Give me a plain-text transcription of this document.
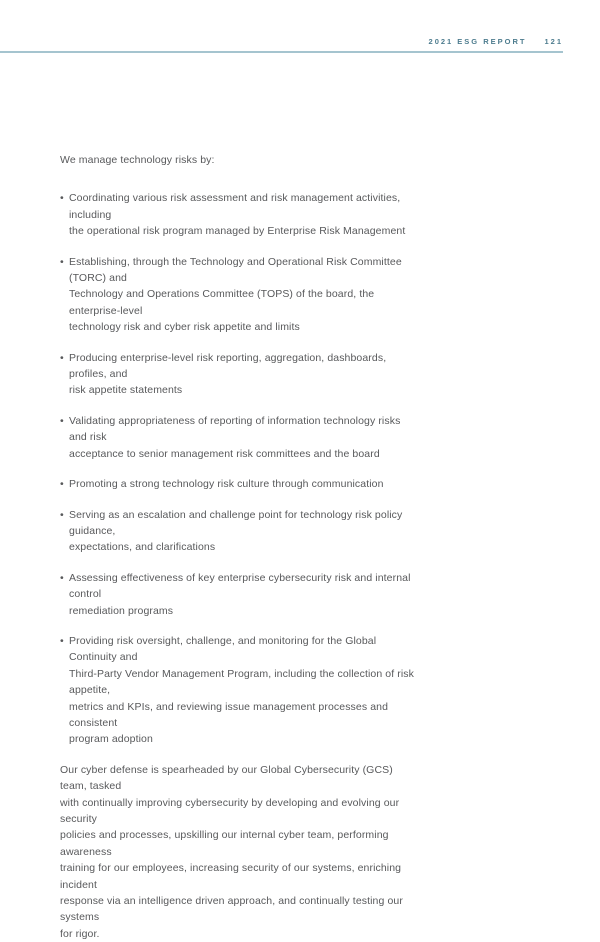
2021 ESG REPORT 121

We manage technology risks by:

• Coordinating various risk assessment and risk management activities, including
the operational risk program managed by Enterprise Risk Management
• Establishing, through the Technology and Operational Risk Committee (TORC) and
Technology and Operations Committee (TOPS) of the board, the enterprise-level
technology risk and cyber risk appetite and limits
• Producing enterprise-level risk reporting, aggregation, dashboards, profiles, and
risk appetite statements
• Validating appropriateness of reporting of information technology risks and risk
acceptance to senior management risk committees and the board
• Promoting a strong technology risk culture through communication
• Serving as an escalation and challenge point for technology risk policy guidance,
expectations, and clarifications
• Assessing effectiveness of key enterprise cybersecurity risk and internal control
remediation programs
• Providing risk oversight, challenge, and monitoring for the Global Continuity and
Third-Party Vendor Management Program, including the collection of risk appetite,
metrics and KPIs, and reviewing issue management processes and consistent
program adoption
Our cyber defense is spearheaded by our Global Cybersecurity (GCS) team, tasked
with continually improving cybersecurity by developing and evolving our security
policies and processes, upskilling our internal cyber team, performing awareness
training for our employees, increasing security of our systems, enriching incident
response via an intelligence driven approach, and continually testing our systems
for rigor.
